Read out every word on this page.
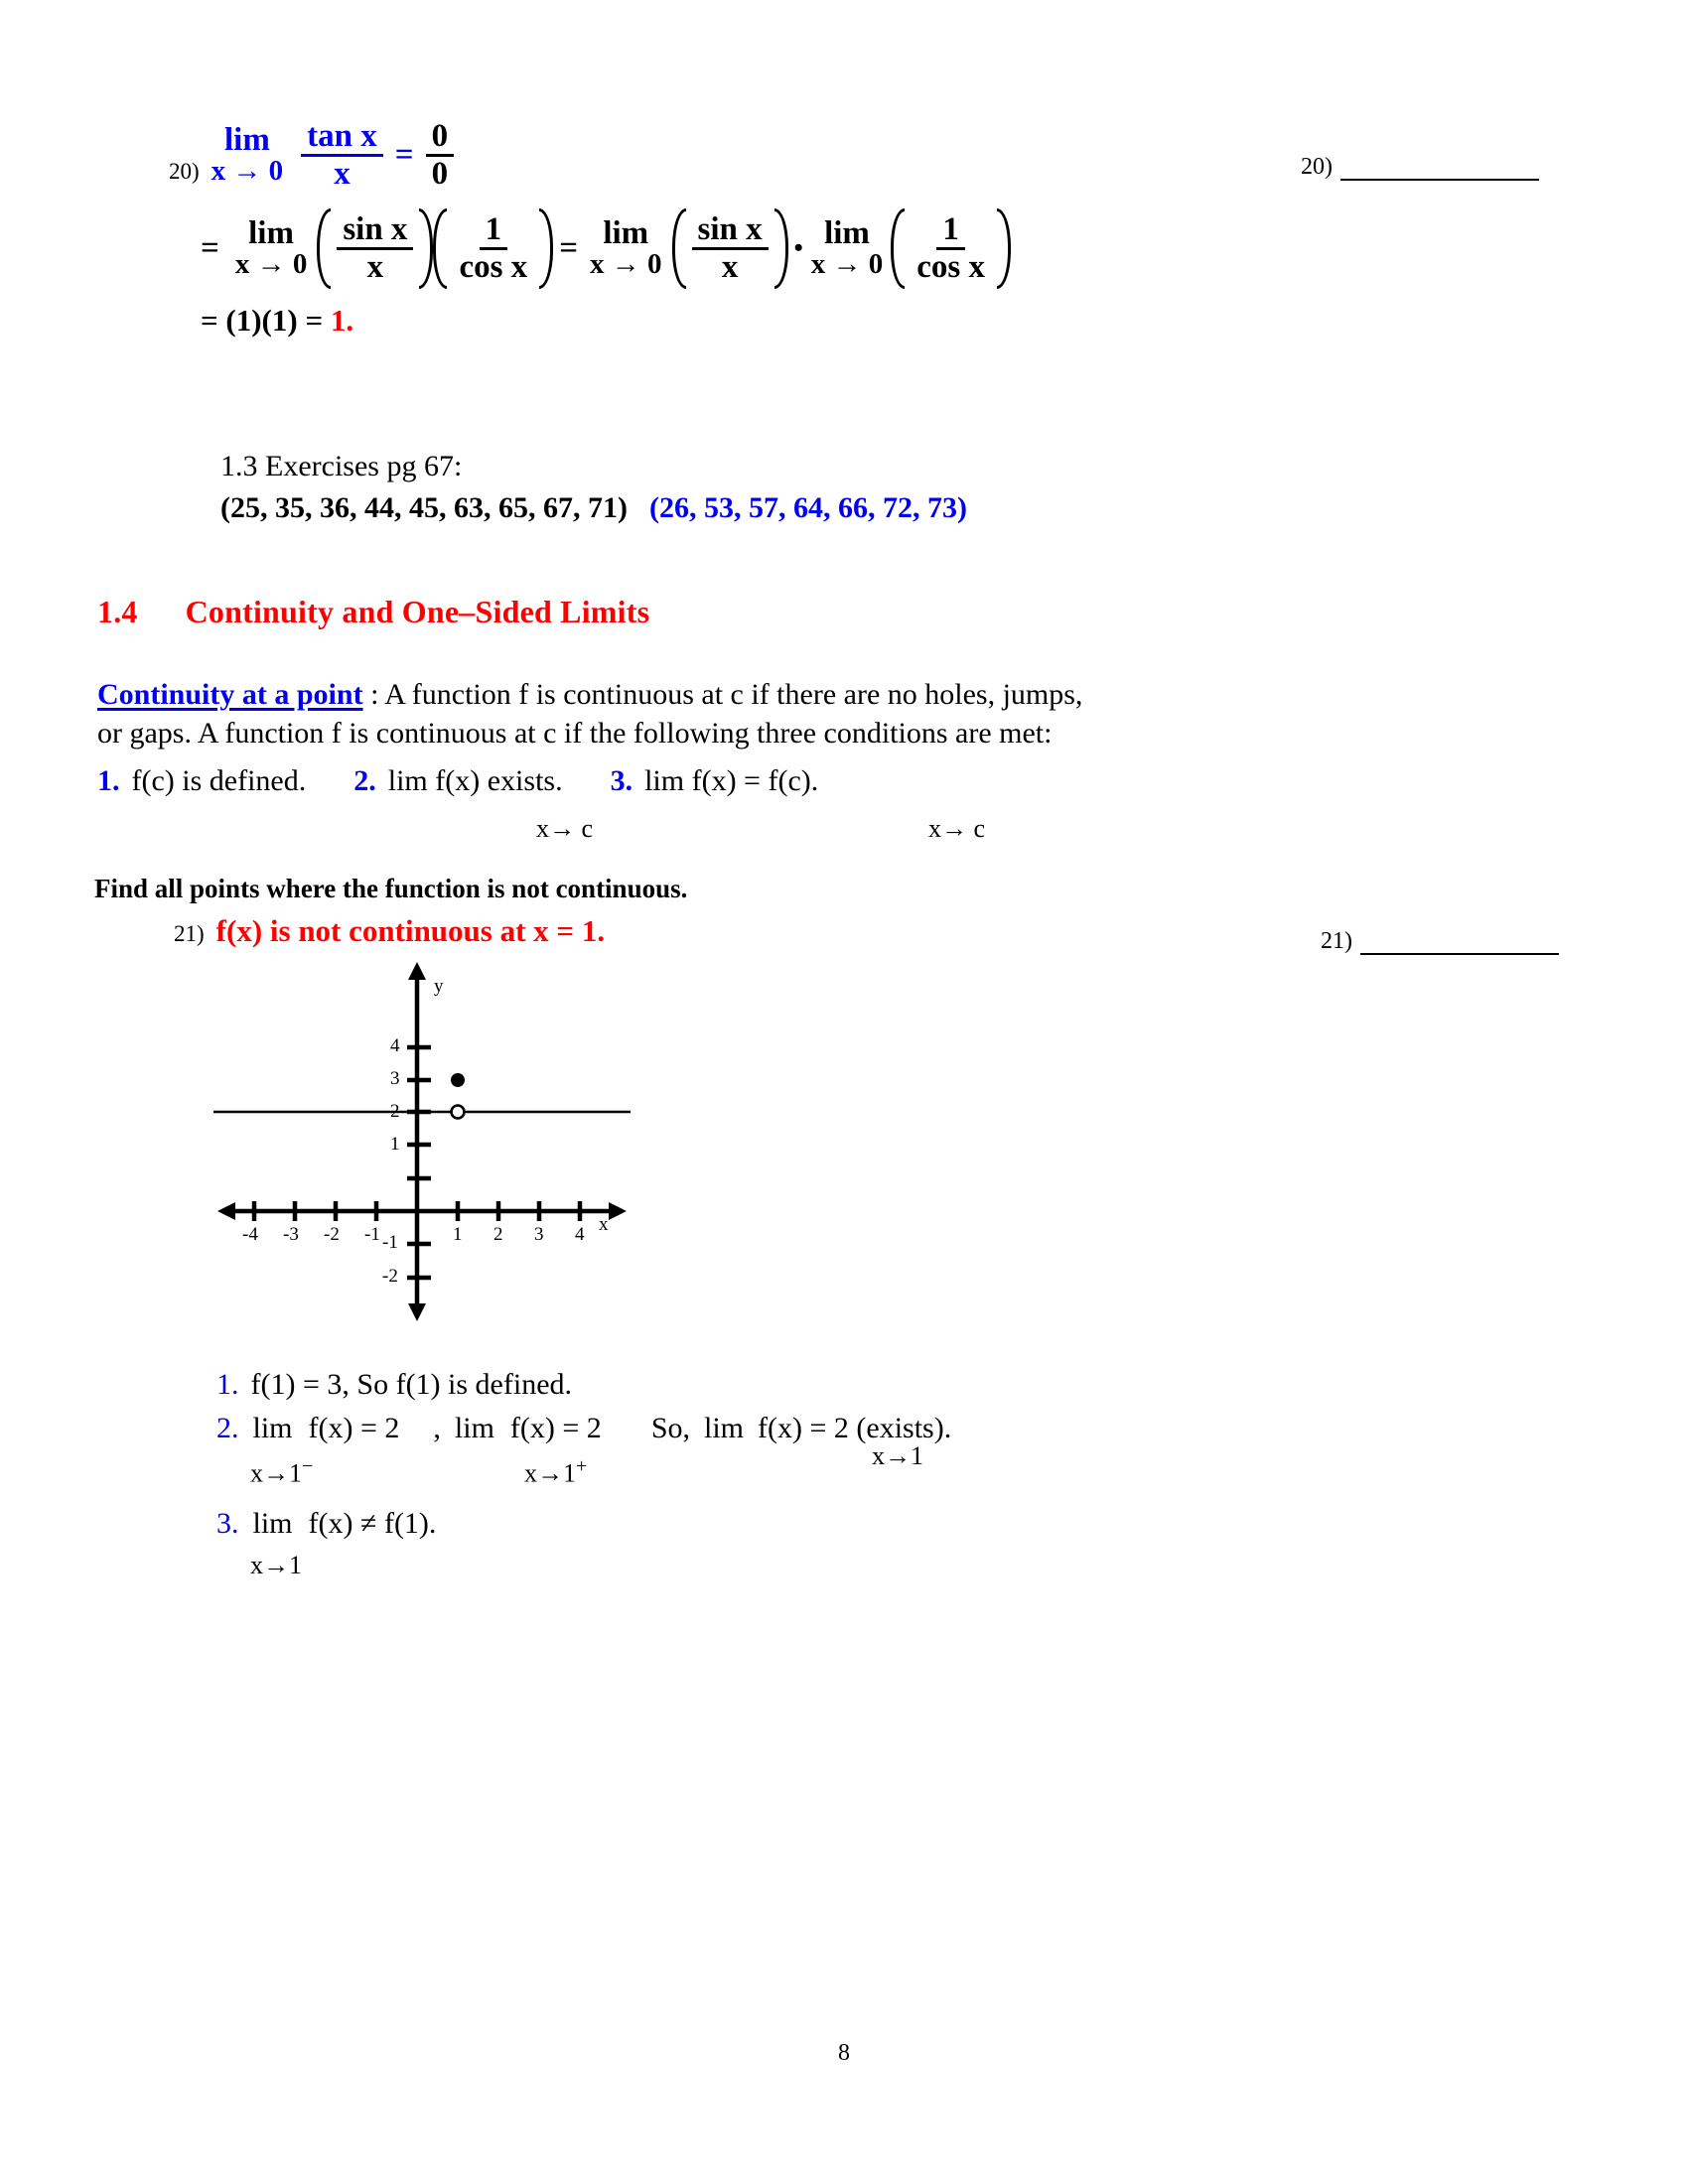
20)
lim
$x \to 0 \frac{\text{tan x}}{x} = \frac{0}{0}$
= lim
$x \to 0 \frac{\text{sin x}}{x} \frac{1}{\text{cos x}} = \lim$
$x \to 0 \frac{\text{sin x}}{x}$ • lim
$x \to 0 \frac{1}{\text{cos x}}$
= (1)(1) = 1.
20)
1.3 Exercises pg 67:
(25, 35, 36, 44, 45, 63, 65, 67, 71) (26, 53, 57, 64, 66, 72, 73)
1.4 Continuity and One–Sided Limits
Continuity at a point : A function f is continuous at c if there are no holes, jumps,
or gaps. A function f is continuous at c if the following three conditions are met:
1. f(c) is defined. 2. lim f(x) exists. 3. lim f(x) = f(c).
x→ c	x→ c
Find all points where the function is not continuous.
21) f(x) is not continuous at x = 1.	21)
y
x
4
3
2
1
-1
-2
-4 -3 -2 -1	1 2 3 4
1. f(1) = 3, So f(1) is defined.
2. lim f(x) = 2 , lim f(x) = 2 So, lim f(x) = 2 (exists).
x→1−	x→1+	x→1
3. lim f(x) ≠ f(1).
x→1
8
